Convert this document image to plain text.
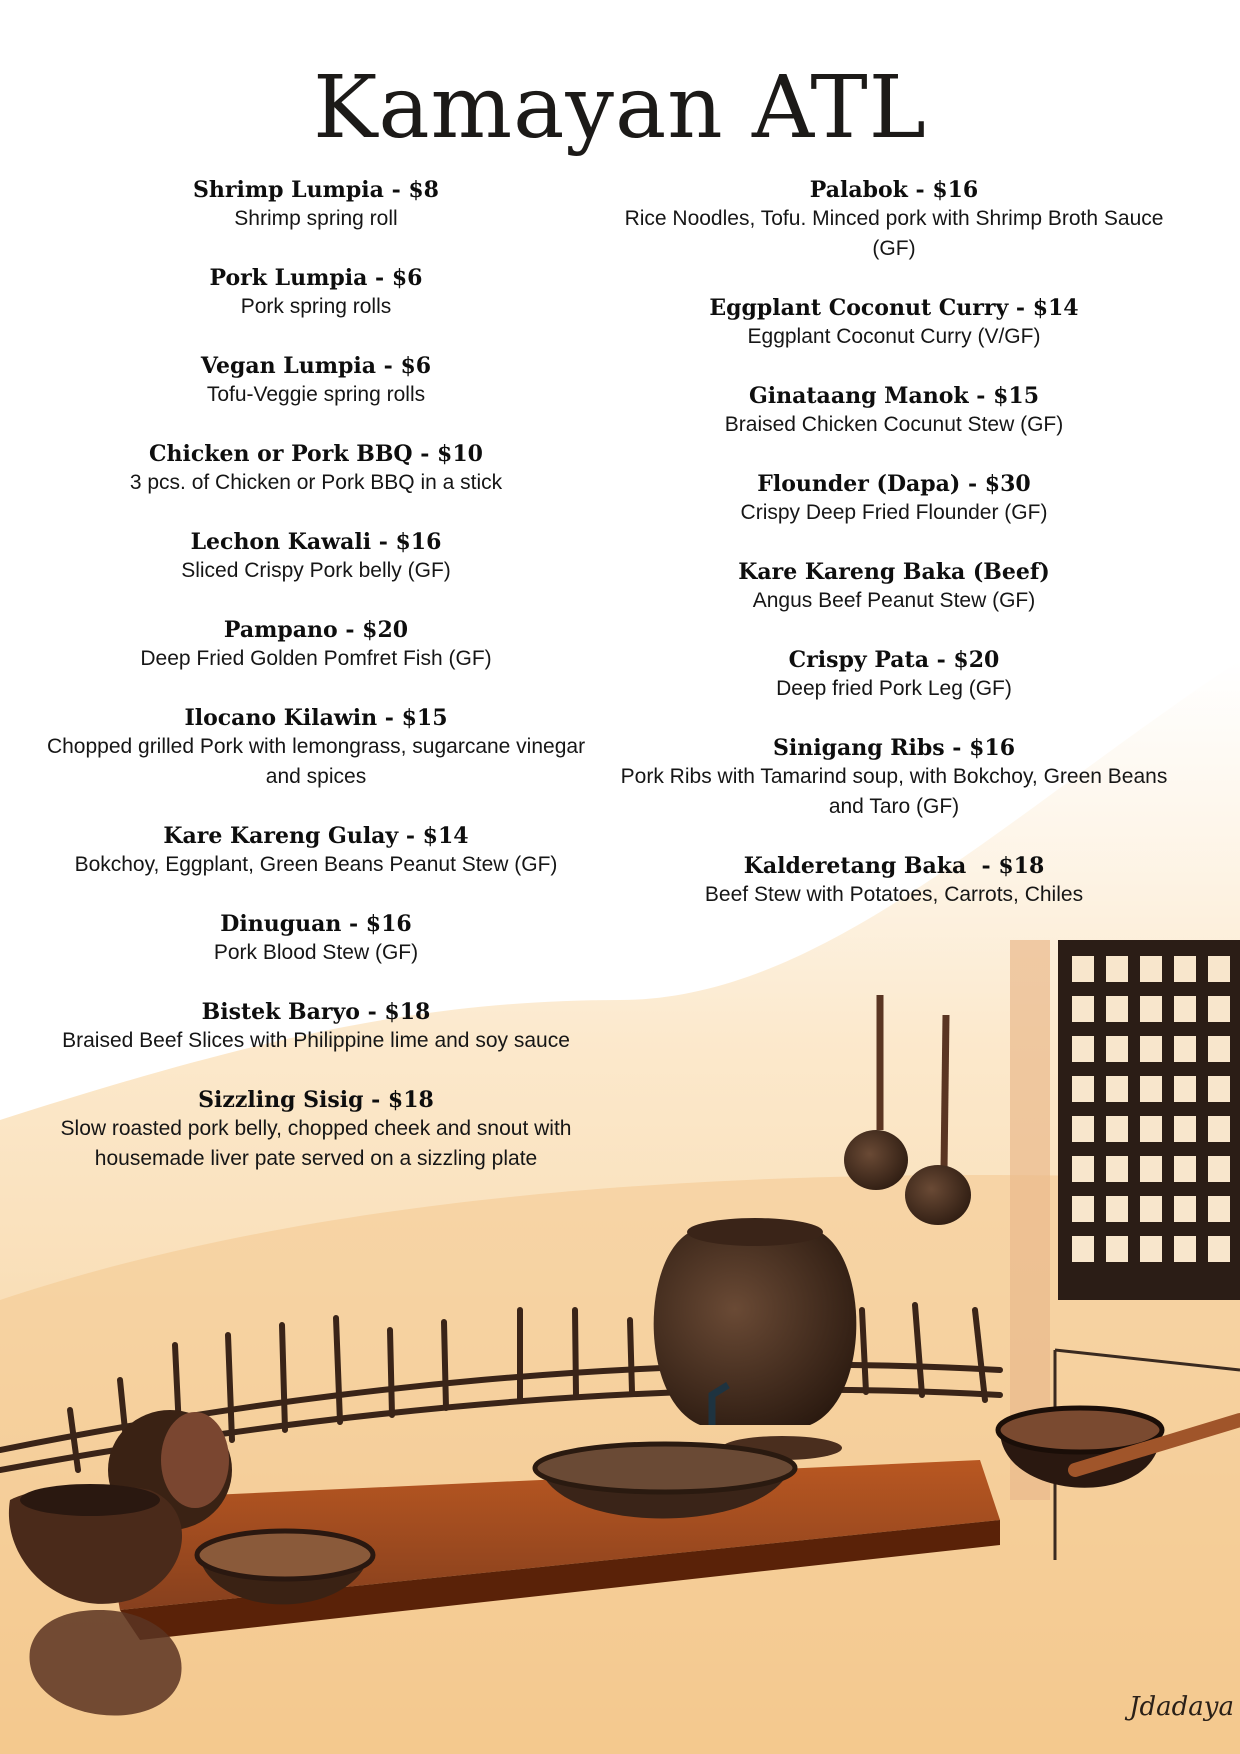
Kamayan ATL
Shrimp Lumpia - $8
Shrimp spring roll
Pork Lumpia - $6
Pork spring rolls
Vegan Lumpia - $6
Tofu-Veggie spring rolls
Chicken or Pork BBQ - $10
3 pcs. of Chicken or Pork BBQ in a stick
Lechon Kawali - $16
Sliced Crispy Pork belly (GF)
Pampano - $20
Deep Fried Golden Pomfret Fish (GF)
Ilocano Kilawin - $15
Chopped grilled Pork with lemongrass, sugarcane vinegar and spices
Kare Kareng Gulay - $14
Bokchoy, Eggplant, Green Beans Peanut Stew (GF)
Dinuguan - $16
Pork Blood Stew (GF)
Bistek Baryo - $18
Braised Beef Slices with Philippine lime and soy sauce
Sizzling Sisig - $18
Slow roasted pork belly, chopped cheek and snout with housemade liver pate served on a sizzling plate
Palabok - $16
Rice Noodles, Tofu. Minced pork with Shrimp Broth Sauce (GF)
Eggplant Coconut Curry - $14
Eggplant Coconut Curry (V/GF)
Ginataang Manok - $15
Braised Chicken Cocunut Stew (GF)
Flounder (Dapa) - $30
Crispy Deep Fried Flounder (GF)
Kare Kareng Baka (Beef)
Angus Beef Peanut Stew (GF)
Crispy Pata - $20
Deep fried Pork Leg (GF)
Sinigang Ribs - $16
Pork Ribs with Tamarind soup, with Bokchoy, Green Beans and Taro (GF)
Kalderetang Baka  - $18
Beef Stew with Potatoes, Carrots, Chiles
Jdadaya
